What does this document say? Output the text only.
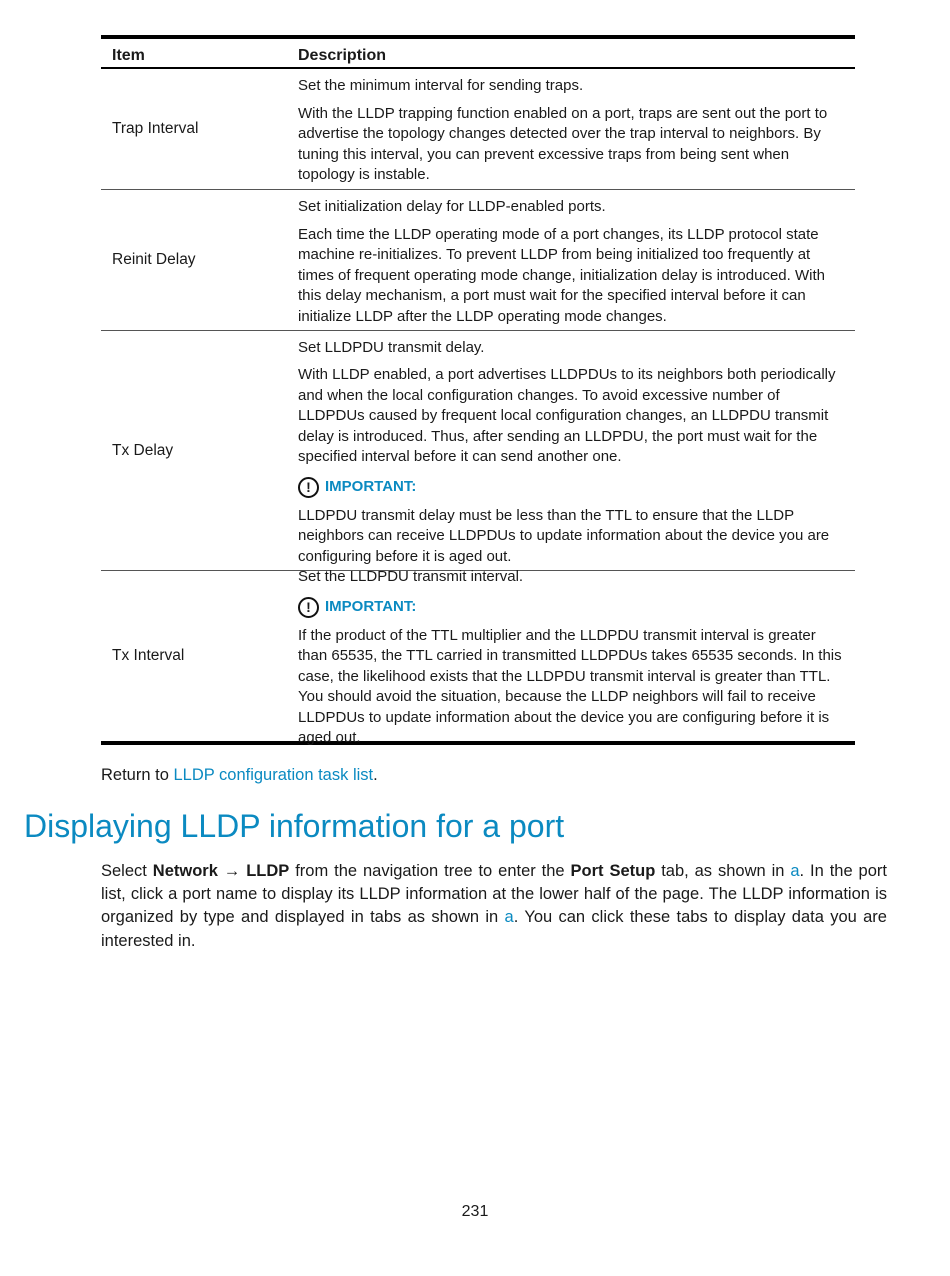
Item	Description
Trap Interval

Set the minimum interval for sending traps.

With the LLDP trapping function enabled on a port, traps are sent out the port to advertise the topology changes detected over the trap interval to neighbors. By tuning this interval, you can prevent excessive traps from being sent when topology is instable.

Reinit Delay

Set initialization delay for LLDP-enabled ports.

Each time the LLDP operating mode of a port changes, its LLDP protocol state machine re-initializes. To prevent LLDP from being initialized too frequently at times of frequent operating mode change, initialization delay is introduced. With this delay mechanism, a port must wait for the specified interval before it can initialize LLDP after the LLDP operating mode changes.

Tx Delay

Set LLDPDU transmit delay.

With LLDP enabled, a port advertises LLDPDUs to its neighbors both periodically and when the local configuration changes. To avoid excessive number of LLDPDUs caused by frequent local configuration changes, an LLDPDU transmit delay is introduced. Thus, after sending an LLDPDU, the port must wait for the specified interval before it can send another one.

! IMPORTANT:
LLDPDU transmit delay must be less than the TTL to ensure that the LLDP neighbors can receive LLDPDUs to update information about the device you are configuring before it is aged out.
Tx Interval

Set the LLDPDU transmit interval.

! IMPORTANT:
If the product of the TTL multiplier and the LLDPDU transmit interval is greater than 65535, the TTL carried in transmitted LLDPDUs takes 65535 seconds. In this case, the likelihood exists that the LLDPDU transmit interval is greater than TTL. You should avoid the situation, because the LLDP neighbors will fail to receive LLDPDUs to update information about the device you are configuring before it is aged out.
Return to LLDP configuration task list.
Displaying LLDP information for a port
Select Network → LLDP from the navigation tree to enter the Port Setup tab, as shown in a. In the port list, click a port name to display its LLDP information at the lower half of the page. The LLDP information is organized by type and displayed in tabs as shown in a. You can click these tabs to display data you are interested in.
231
